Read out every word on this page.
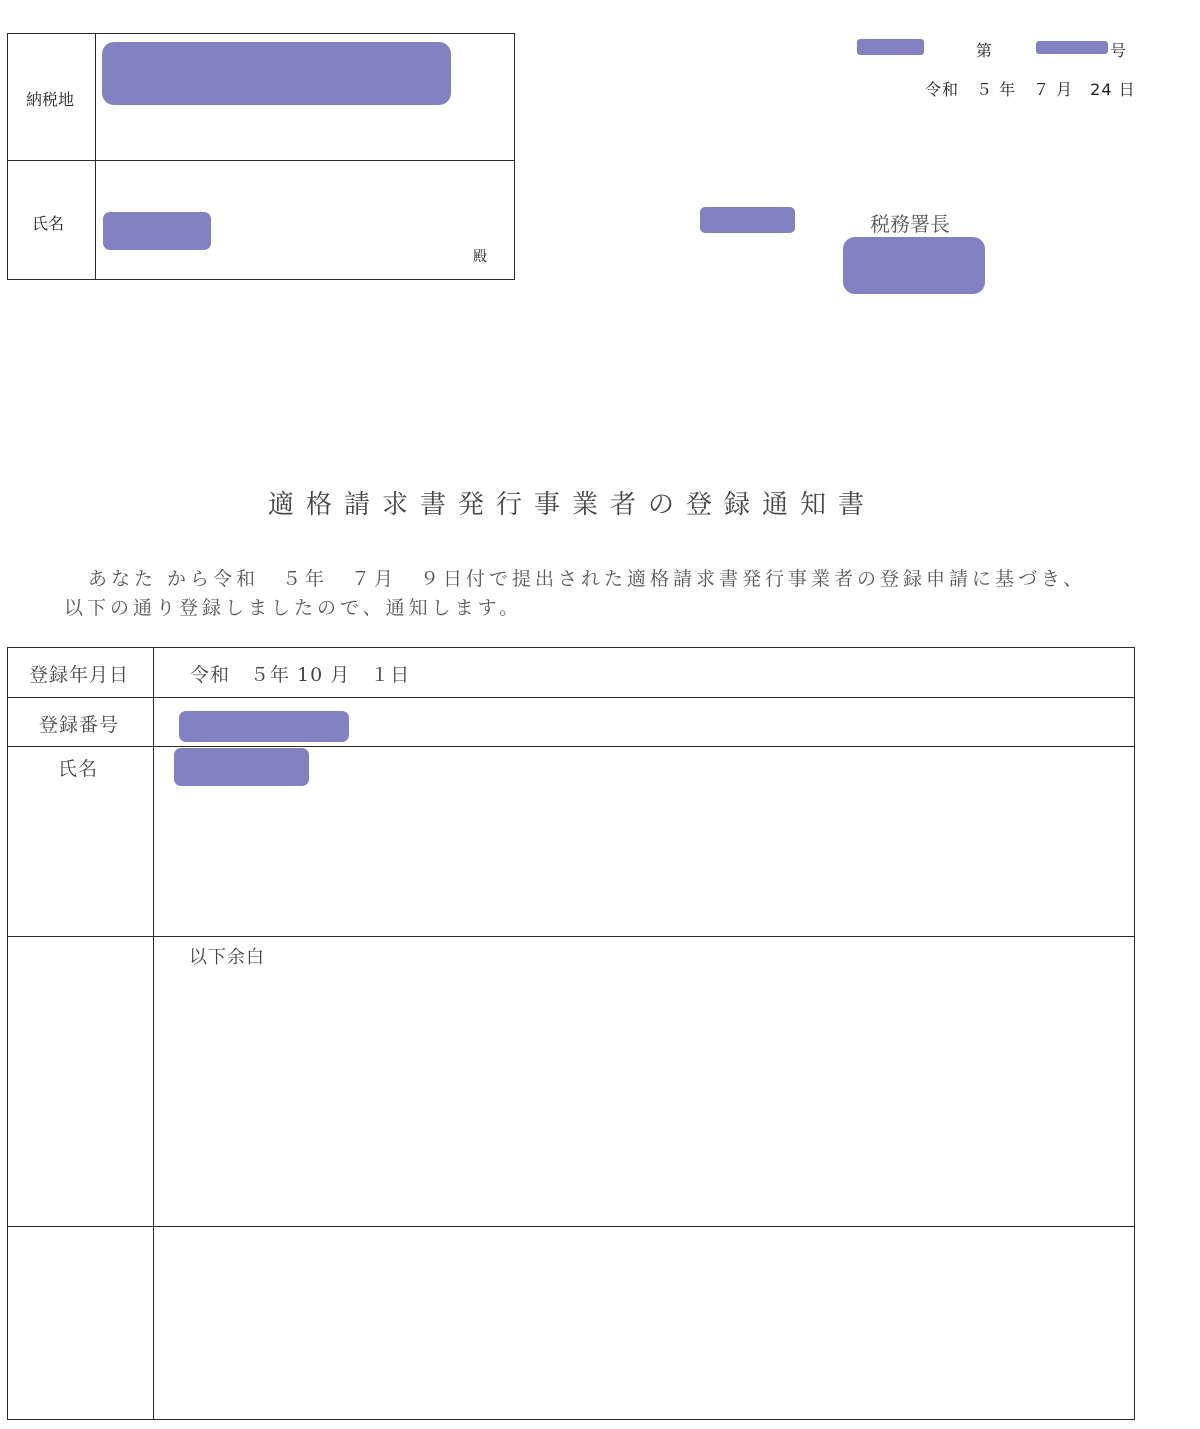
納税地
氏名
殿
第	号
令和　５ 年　７ 月　24 日
税務署長
適格請求書発行事業者の登録通知書
あなた から令和　５年　７月　９日付で提出された適格請求書発行事業者の登録申請に基づき、
以下の通り登録しましたので、通知します。
登録年月日	令和　５年 10 月　１日
登録番号
氏名
以下余白
